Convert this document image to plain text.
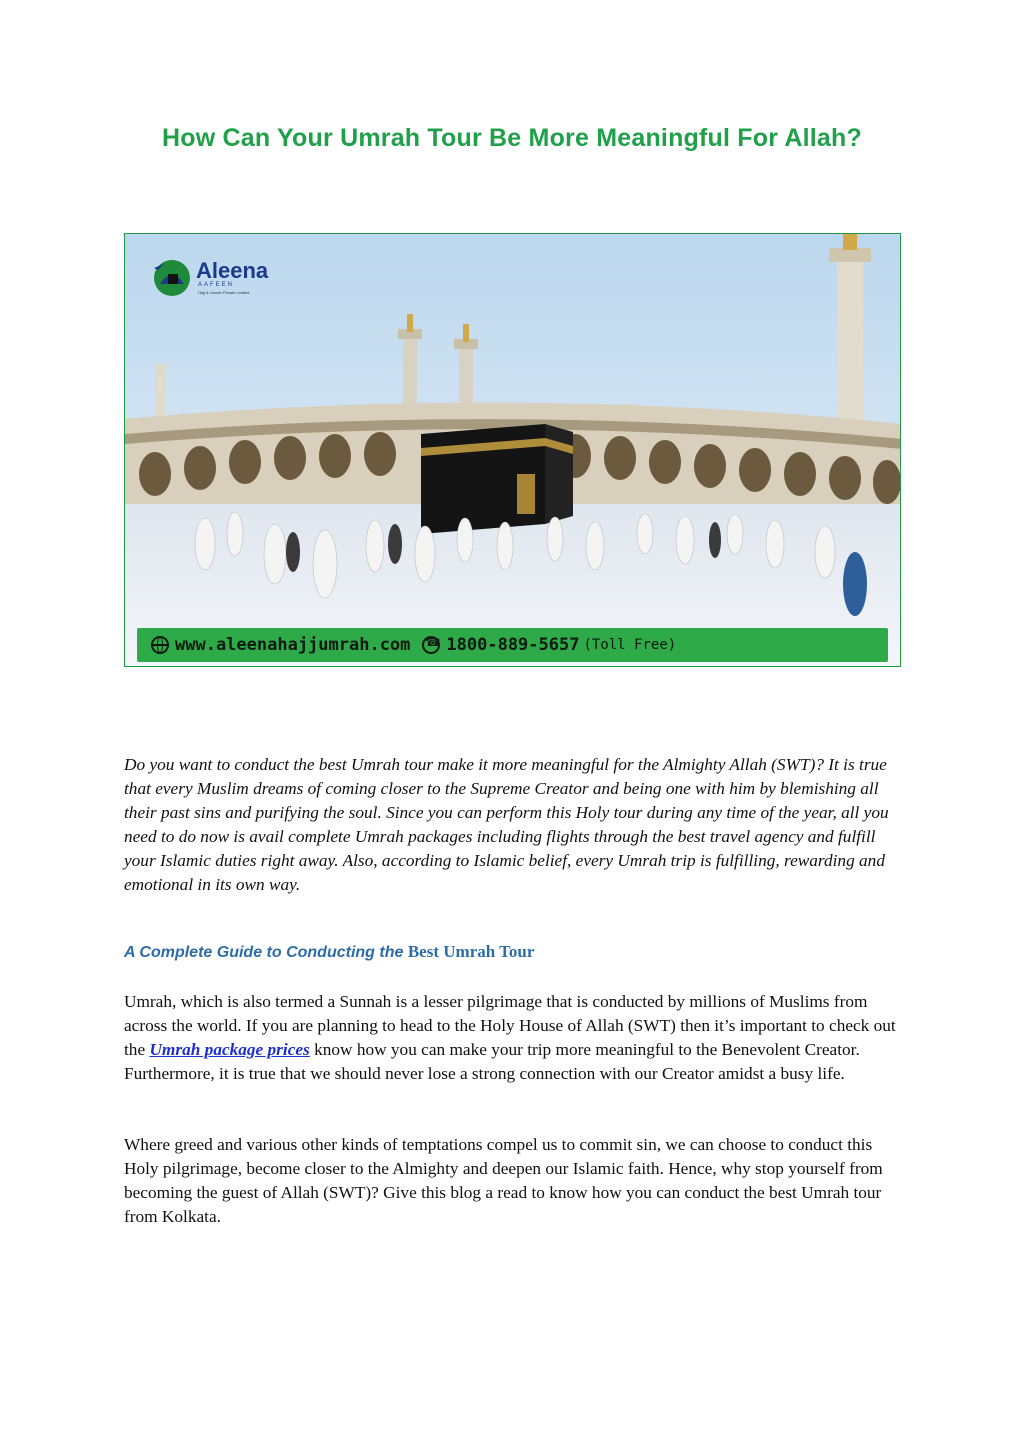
How Can Your Umrah Tour Be More Meaningful For Allah?
Aleena
AAFEEN
Hajj & Umrah Private Limited
www.aleenahajjumrah.com
☎ 1800-889-5657 (Toll Free)

Do you want to conduct the best Umrah tour make it more meaningful for the Almighty Allah (SWT)? It is true that every Muslim dreams of coming closer to the Supreme Creator and being one with him by blemishing all their past sins and purifying the soul. Since you can perform this Holy tour during any time of the year, all you need to do now is avail complete Umrah packages including flights through the best travel agency and fulfill your Islamic duties right away. Also, according to Islamic belief, every Umrah trip is fulfilling, rewarding and emotional in its own way.

A Complete Guide to Conducting the Best Umrah Tour

Umrah, which is also termed a Sunnah is a lesser pilgrimage that is conducted by millions of Muslims from across the world. If you are planning to head to the Holy House of Allah (SWT) then it’s important to check out the Umrah package prices know how you can make your trip more meaningful to the Benevolent Creator. Furthermore, it is true that we should never lose a strong connection with our Creator amidst a busy life.

Where greed and various other kinds of temptations compel us to commit sin, we can choose to conduct this Holy pilgrimage, become closer to the Almighty and deepen our Islamic faith. Hence, why stop yourself from becoming the guest of Allah (SWT)? Give this blog a read to know how you can conduct the best Umrah tour from Kolkata.
